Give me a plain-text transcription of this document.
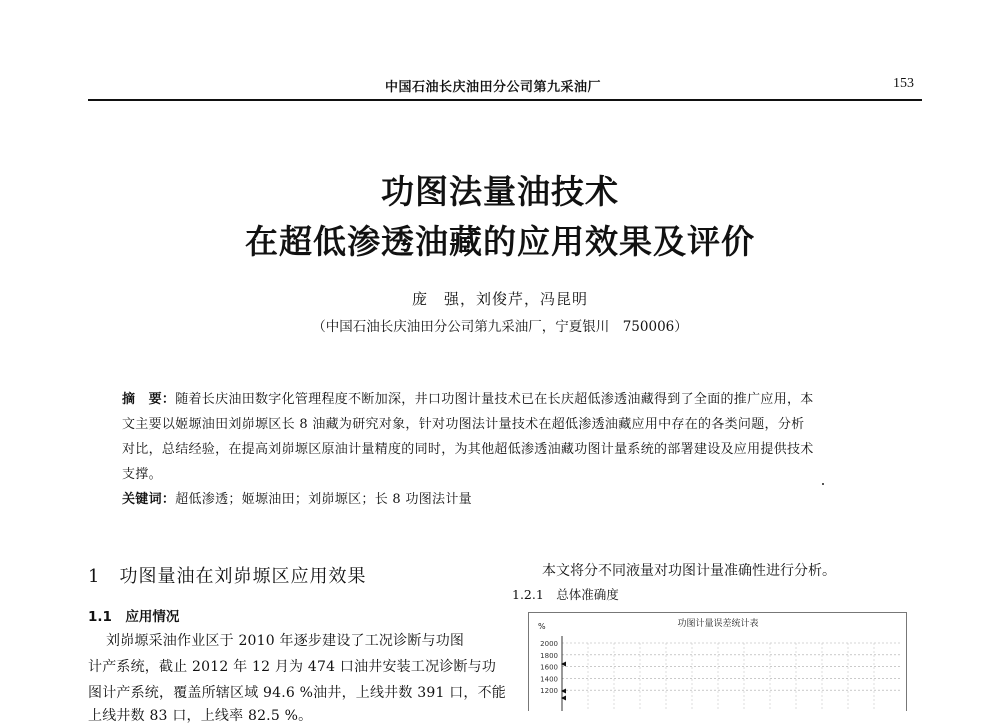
中国石油长庆油田分公司第九采油厂	153
功图法量油技术
在超低渗透油藏的应用效果及评价
庞　强，刘俊芹，冯昆明
（中国石油长庆油田分公司第九采油厂，宁夏银川　750006）
摘　要：随着长庆油田数字化管理程度不断加深，井口功图计量技术已在长庆超低渗透油藏得到了全面的推广应用，本
文主要以姬塬油田刘峁塬区长 8 油藏为研究对象，针对功图法计量技术在超低渗透油藏应用中存在的各类问题，分析
对比，总结经验，在提高刘峁塬区原油计量精度的同时，为其他超低渗透油藏功图计量系统的部署建设及应用提供技术
支撑。
关键词：超低渗透；姬塬油田；刘峁塬区；长 8 功图法计量
1　功图量油在刘峁塬区应用效果
1.1　应用情况
刘峁塬采油作业区于 2010 年逐步建设了工况诊断与功图
计产系统，截止 2012 年 12 月为 474 口油井安装工况诊断与功
图计产系统，覆盖所辖区域 94.6 %油井，上线井数 391 口，不能
上线井数 83 口，上线率 82.5 %。
本文将分不同液量对功图计量准确性进行分析。
1.2.1　总体准确度
功图计量误差统计表
%
2000
1800
1600
1400
1200
